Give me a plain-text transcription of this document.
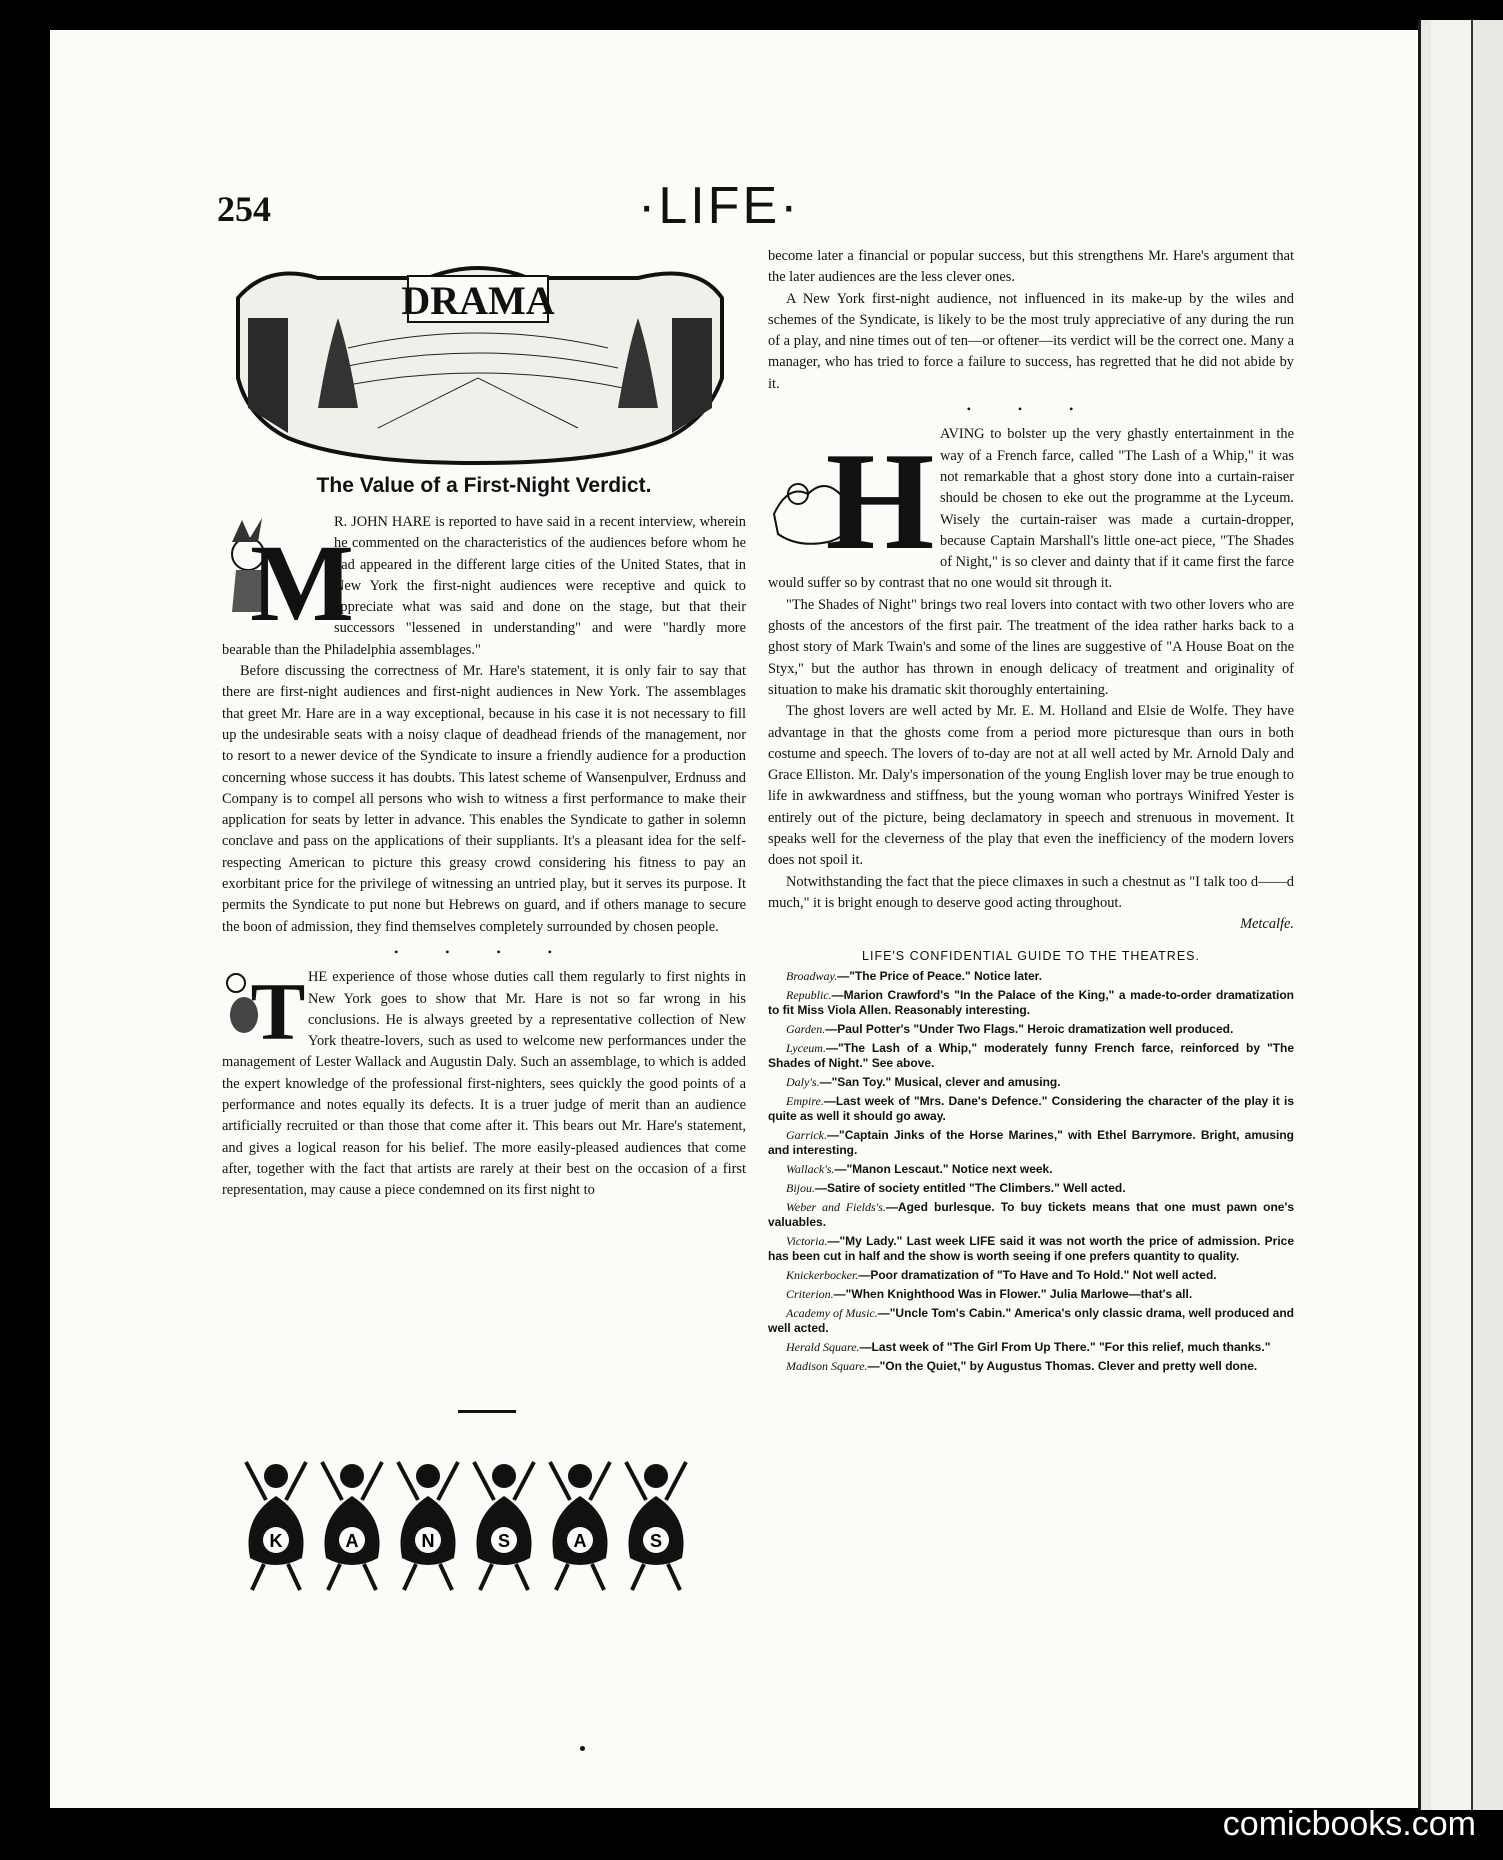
254	·LIFE·
DRAMA
The Value of a First-Night Verdict.

M
R. JOHN HARE is reported to have said in a recent interview, wherein he commented on the characteristics of the audiences before whom he had appeared in the different large cities of the United States, that in New York the first-night audiences were receptive and quick to appreciate what was said and done on the stage, but that their successors "lessened in understanding" and were "hardly more bearable than the Philadelphia assemblages."

Before discussing the correctness of Mr. Hare's statement, it is only fair to say that there are first-night audiences and first-night audiences in New York. The assemblages that greet Mr. Hare are in a way exceptional, because in his case it is not necessary to fill up the undesirable seats with a noisy claque of deadhead friends of the management, nor to resort to a newer device of the Syndicate to insure a friendly audience for a production concerning whose success it has doubts. This latest scheme of Wansenpulver, Erdnuss and Company is to compel all persons who wish to witness a first performance to make their application for seats by letter in advance. This enables the Syndicate to gather in solemn conclave and pass on the applications of their suppliants. It's a pleasant idea for the self-respecting American to picture this greasy crowd considering his fitness to pay an exorbitant price for the privilege of witnessing an untried play, but it serves its purpose. It permits the Syndicate to put none but Hebrews on guard, and if others manage to secure the boon of admission, they find themselves completely surrounded by chosen people.

• • • •

T HE experience of those whose duties call them regularly to first nights in New York goes to show that Mr. Hare is not so far wrong in his conclusions. He is always greeted by a representative collection of New York theatre-lovers, such as used to welcome new performances under the management of Lester Wallack and Augustin Daly. Such an assemblage, to which is added the expert knowledge of the professional first-nighters, sees quickly the good points of a performance and notes equally its defects. It is a truer judge of merit than an audience artificially recruited or than those that come after it. This bears out Mr. Hare's statement, and gives a logical reason for his belief. The more easily-pleased audiences that come after, together with the fact that artists are rarely at their best on the occasion of a first representation, may cause a piece condemned on its first night to

K	A	N	S	A	S

become later a financial or popular success, but this strengthens Mr. Hare's argument that the later audiences are the less clever ones.

A New York first-night audience, not influenced in its make-up by the wiles and schemes of the Syndicate, is likely to be the most truly appreciative of any during the run of a play, and nine times out of ten—or oftener—its verdict will be the correct one. Many a manager, who has tried to force a failure to success, has regretted that he did not abide by it.

• • •

H AVING to bolster up the very ghastly entertainment in the way of a French farce, called "The Lash of a Whip," it was not remarkable that a ghost story done into a curtain-raiser should be chosen to eke out the programme at the Lyceum. Wisely the curtain-raiser was made a curtain-dropper, because Captain Marshall's little one-act piece, "The Shades of Night," is so clever and dainty that if it came first the farce would suffer so by contrast that no one would sit through it.

"The Shades of Night" brings two real lovers into contact with two other lovers who are ghosts of the ancestors of the first pair. The treatment of the idea rather harks back to a ghost story of Mark Twain's and some of the lines are suggestive of "A House Boat on the Styx," but the author has thrown in enough delicacy of treatment and originality of situation to make his dramatic skit thoroughly entertaining.

The ghost lovers are well acted by Mr. E. M. Holland and Elsie de Wolfe. They have advantage in that the ghosts come from a period more picturesque than ours in both costume and speech. The lovers of to-day are not at all well acted by Mr. Arnold Daly and Grace Elliston. Mr. Daly's impersonation of the young English lover may be true enough to life in awkwardness and stiffness, but the young woman who portrays Winifred Yester is entirely out of the picture, being declamatory in speech and strenuous in movement. It speaks well for the cleverness of the play that even the inefficiency of the modern lovers does not spoil it.

Notwithstanding the fact that the piece climaxes in such a chestnut as "I talk too d——d much," it is bright enough to deserve good acting throughout.

Metcalfe.
LIFE'S CONFIDENTIAL GUIDE TO THE THEATRES.

Broadway.—"The Price of Peace." Notice later.

Republic.—Marion Crawford's "In the Palace of the King," a made-to-order dramatization to fit Miss Viola Allen. Reasonably interesting.

Garden.—Paul Potter's "Under Two Flags." Heroic dramatization well produced.

Lyceum.—"The Lash of a Whip," moderately funny French farce, reinforced by "The Shades of Night." See above.

Daly's.—"San Toy." Musical, clever and amusing.

Empire.—Last week of "Mrs. Dane's Defence." Considering the character of the play it is quite as well it should go away.

Garrick.—"Captain Jinks of the Horse Marines," with Ethel Barrymore. Bright, amusing and interesting.

Wallack's.—"Manon Lescaut." Notice next week.

Bijou.—Satire of society entitled "The Climbers." Well acted.

Weber and Fields's.—Aged burlesque. To buy tickets means that one must pawn one's valuables.

Victoria.—"My Lady." Last week LIFE said it was not worth the price of admission. Price has been cut in half and the show is worth seeing if one prefers quantity to quality.

Knickerbocker.—Poor dramatization of "To Have and To Hold." Not well acted.

Criterion.—"When Knighthood Was in Flower." Julia Marlowe—that's all.

Academy of Music.—"Uncle Tom's Cabin." America's only classic drama, well produced and well acted.

Herald Square.—Last week of "The Girl From Up There." "For this relief, much thanks."

Madison Square.—"On the Quiet," by Augustus Thomas. Clever and pretty well done.

comicbooks.com
